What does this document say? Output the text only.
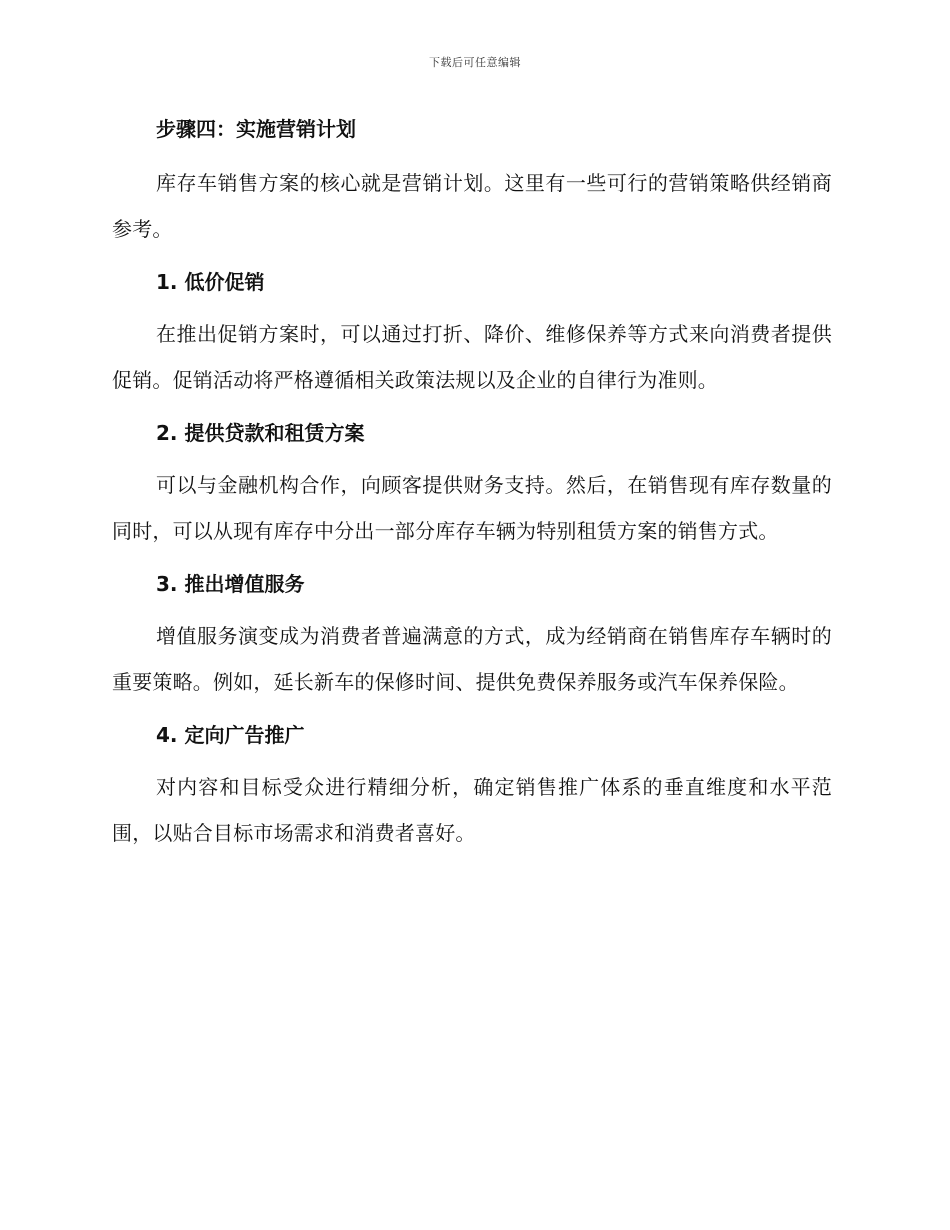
下载后可任意编辑
步骤四：实施营销计划

库存车销售方案的核心就是营销计划。这里有一些可行的营销策略供经销商参考。

1. 低价促销

在推出促销方案时，可以通过打折、降价、维修保养等方式来向消费者提供促销。促销活动将严格遵循相关政策法规以及企业的自律行为准则。

2. 提供贷款和租赁方案

可以与金融机构合作，向顾客提供财务支持。然后，在销售现有库存数量的同时，可以从现有库存中分出一部分库存车辆为特别租赁方案的销售方式。

3. 推出增值服务

增值服务演变成为消费者普遍满意的方式，成为经销商在销售库存车辆时的重要策略。例如，延长新车的保修时间、提供免费保养服务或汽车保养保险。

4. 定向广告推广

对内容和目标受众进行精细分析，确定销售推广体系的垂直维度和水平范围，以贴合目标市场需求和消费者喜好。
